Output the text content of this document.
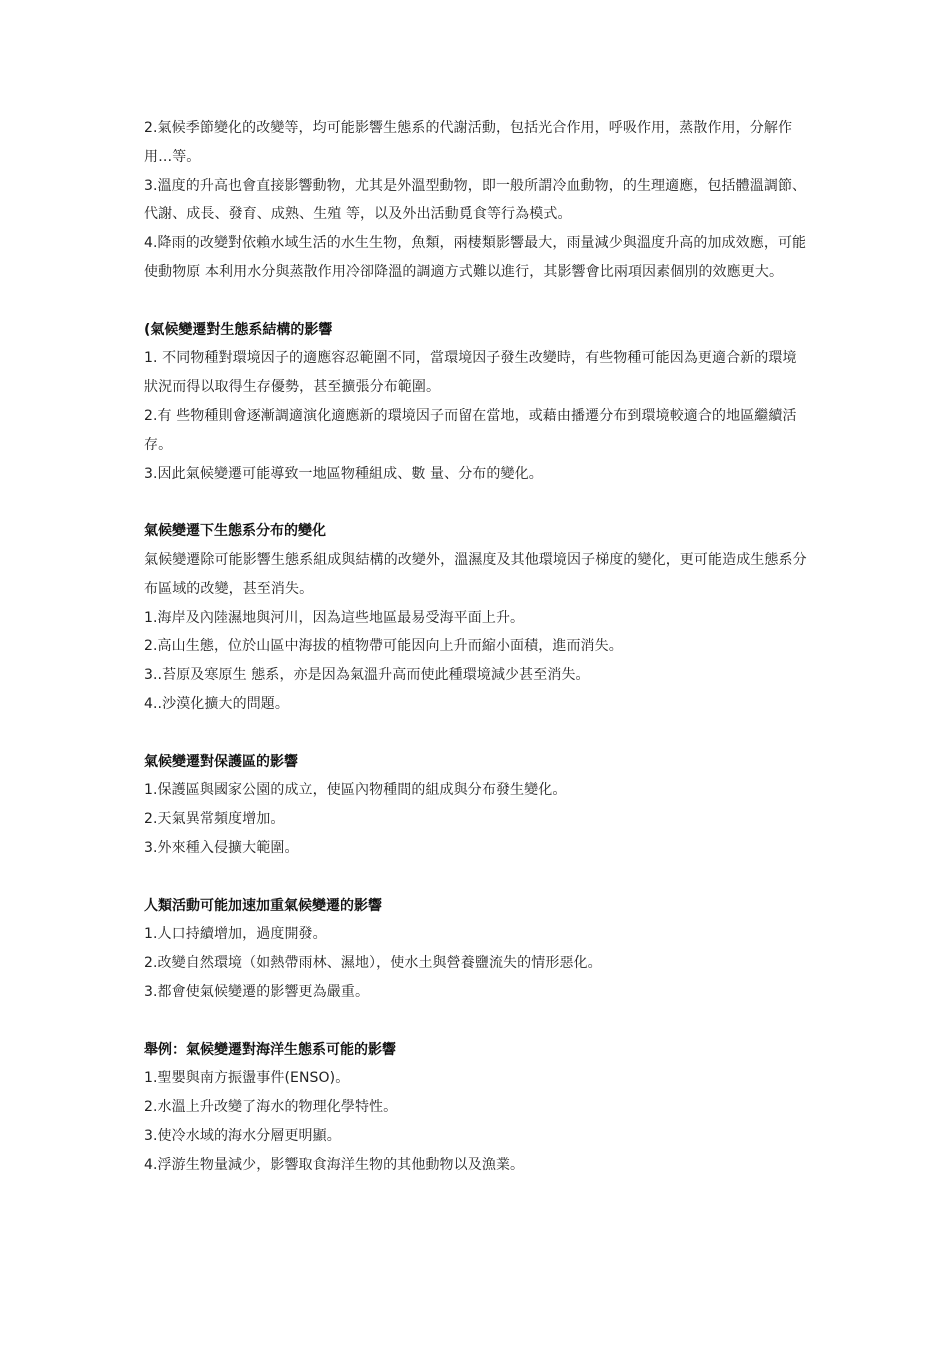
2.氣候季節變化的改變等，均可能影響生態系的代謝活動，包括光合作用，呼吸作用，蒸散作用，分解作用…等。

3.溫度的升高也會直接影響動物，尤其是外溫型動物，即一般所謂冷血動物，的生理適應，包括體溫調節、代謝、成長、發育、成熟、生殖 等，以及外出活動覓食等行為模式。

4.降雨的改變對依賴水域生活的水生生物，魚類，兩棲類影響最大，雨量減少與溫度升高的加成效應，可能使動物原 本利用水分與蒸散作用冷卻降溫的調適方式難以進行，其影響會比兩項因素個別的效應更大。

(氣候變遷對生態系結構的影響

1. 不同物種對環境因子的適應容忍範圍不同，當環境因子發生改變時，有些物種可能因為更適合新的環境狀況而得以取得生存優勢，甚至擴張分布範圍。

2.有 些物種則會逐漸調適演化適應新的環境因子而留在當地，或藉由播遷分布到環境較適合的地區繼續活存。

3.因此氣候變遷可能導致一地區物種組成、數 量、分布的變化。

氣候變遷下生態系分布的變化

氣候變遷除可能影響生態系組成與結構的改變外，溫濕度及其他環境因子梯度的變化，更可能造成生態系分布區域的改變，甚至消失。

1.海岸及內陸濕地與河川，因為這些地區最易受海平面上升。

2.高山生態，位於山區中海拔的植物帶可能因向上升而縮小面積，進而消失。

3..苔原及寒原生 態系，亦是因為氣溫升高而使此種環境減少甚至消失。

4..沙漠化擴大的問題。

氣候變遷對保護區的影響

1.保護區與國家公園的成立，使區內物種間的組成與分布發生變化。

2.天氣異常頻度增加。

3.外來種入侵擴大範圍。

人類活動可能加速加重氣候變遷的影響

1.人口持續增加，過度開發。

2.改變自然環境（如熱帶雨林、濕地），使水土與營養鹽流失的情形惡化。

3.都會使氣候變遷的影響更為嚴重。

舉例：氣候變遷對海洋生態系可能的影響

1.聖嬰與南方振盪事件(ENSO)。

2.水溫上升改變了海水的物理化學特性。

3.使冷水域的海水分層更明顯。

4.浮游生物量減少，影響取食海洋生物的其他動物以及漁業。
